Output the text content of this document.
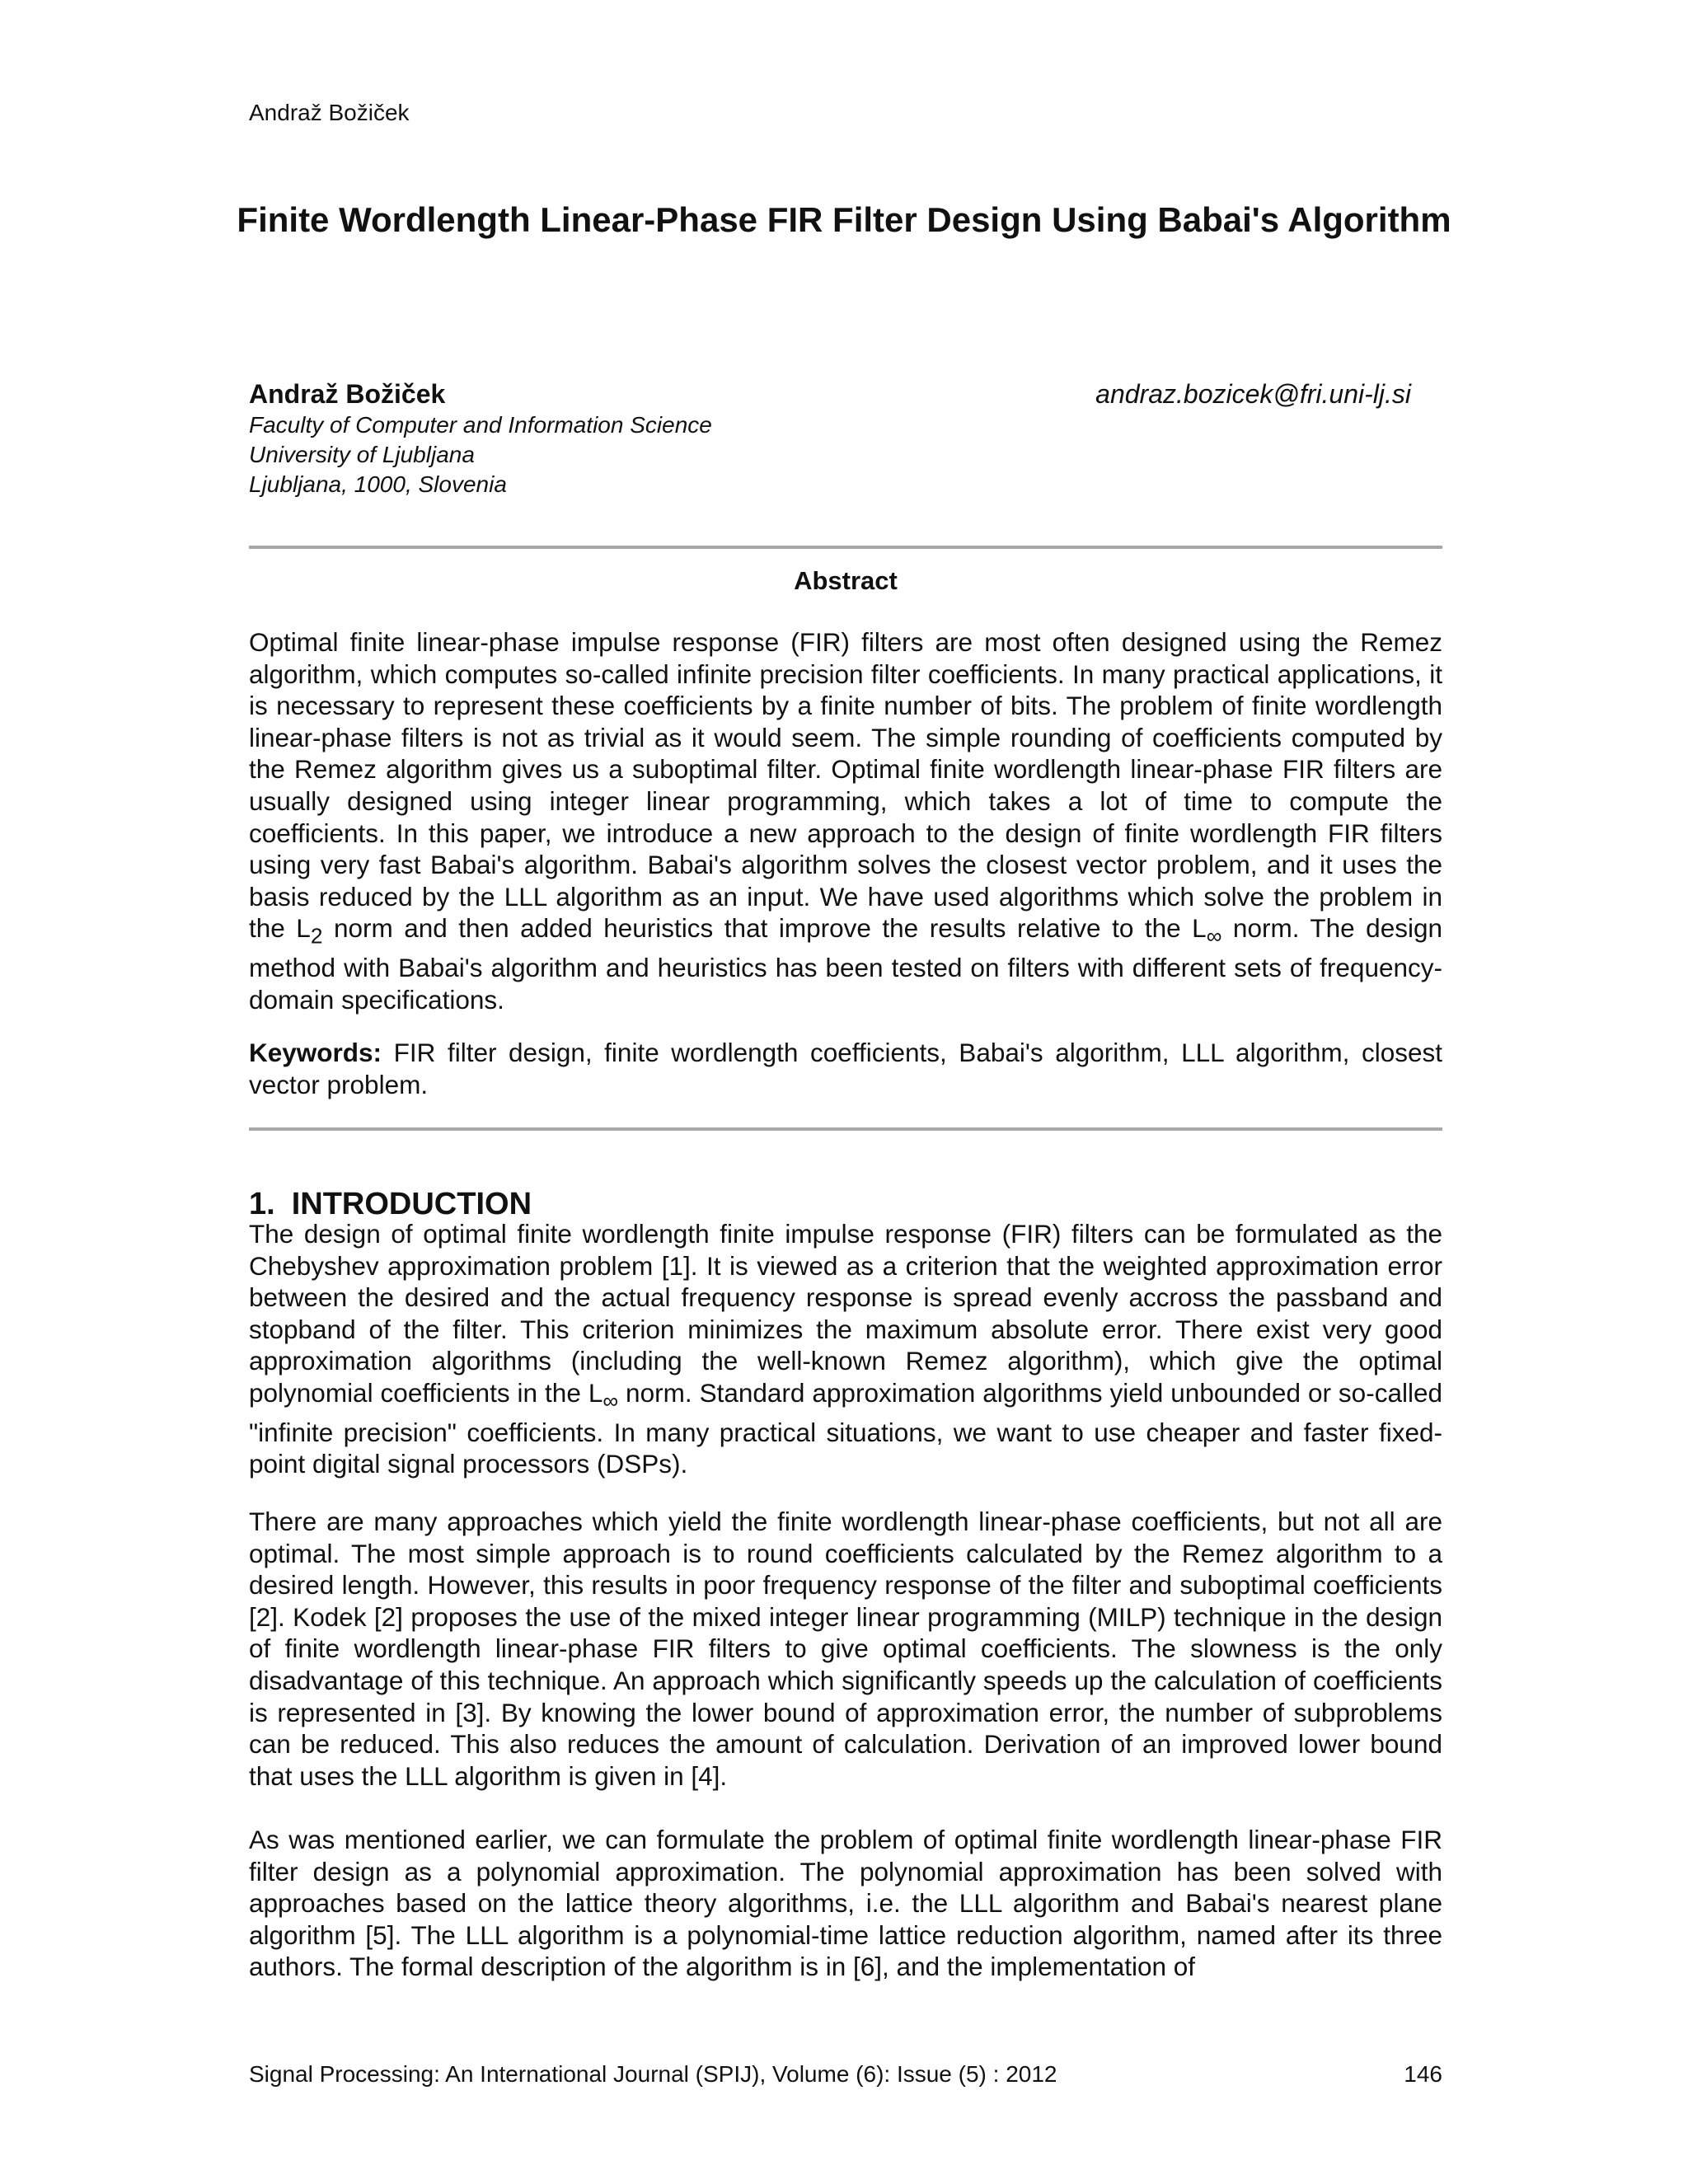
Andraž Božiček
Finite Wordlength Linear-Phase FIR Filter Design Using Babai's Algorithm
Andraž Božiček	andraz.bozicek@fri.uni-lj.si
Faculty of Computer and Information Science
University of Ljubljana
Ljubljana, 1000, Slovenia
Abstract

Optimal finite linear-phase impulse response (FIR) filters are most often designed using the Remez algorithm, which computes so-called infinite precision filter coefficients. In many practical applications, it is necessary to represent these coefficients by a finite number of bits. The problem of finite wordlength linear-phase filters is not as trivial as it would seem. The simple rounding of coefficients computed by the Remez algorithm gives us a suboptimal filter. Optimal finite wordlength linear-phase FIR filters are usually designed using integer linear programming, which takes a lot of time to compute the coefficients. In this paper, we introduce a new approach to the design of finite wordlength FIR filters using very fast Babai's algorithm. Babai's algorithm solves the closest vector problem, and it uses the basis reduced by the LLL algorithm as an input. We have used algorithms which solve the problem in the $L_2$ norm and then added heuristics that improve the results relative to the $L_\infty$ norm. The design method with Babai's algorithm and heuristics has been tested on filters with different sets of frequency-domain specifications.

Keywords: FIR filter design, finite wordlength coefficients, Babai's algorithm, LLL algorithm, closest vector problem.

1. INTRODUCTION

The design of optimal finite wordlength finite impulse response (FIR) filters can be formulated as the Chebyshev approximation problem [1]. It is viewed as a criterion that the weighted approximation error between the desired and the actual frequency response is spread evenly accross the passband and stopband of the filter. This criterion minimizes the maximum absolute error. There exist very good approximation algorithms (including the well-known Remez algorithm), which give the optimal polynomial coefficients in the $L_\infty$ norm. Standard approximation algorithms yield unbounded or so-called "infinite precision" coefficients. In many practical situations, we want to use cheaper and faster fixed-point digital signal processors (DSPs).

There are many approaches which yield the finite wordlength linear-phase coefficients, but not all are optimal. The most simple approach is to round coefficients calculated by the Remez algorithm to a desired length. However, this results in poor frequency response of the filter and suboptimal coefficients [2]. Kodek [2] proposes the use of the mixed integer linear programming (MILP) technique in the design of finite wordlength linear-phase FIR filters to give optimal coefficients. The slowness is the only disadvantage of this technique. An approach which significantly speeds up the calculation of coefficients is represented in [3]. By knowing the lower bound of approximation error, the number of subproblems can be reduced. This also reduces the amount of calculation. Derivation of an improved lower bound that uses the LLL algorithm is given in [4].

As was mentioned earlier, we can formulate the problem of optimal finite wordlength linear-phase FIR filter design as a polynomial approximation. The polynomial approximation has been solved with approaches based on the lattice theory algorithms, i.e. the LLL algorithm and Babai's nearest plane algorithm [5]. The LLL algorithm is a polynomial-time lattice reduction algorithm, named after its three authors. The formal description of the algorithm is in [6], and the implementation of

Signal Processing: An International Journal (SPIJ), Volume (6): Issue (5) : 2012	146
